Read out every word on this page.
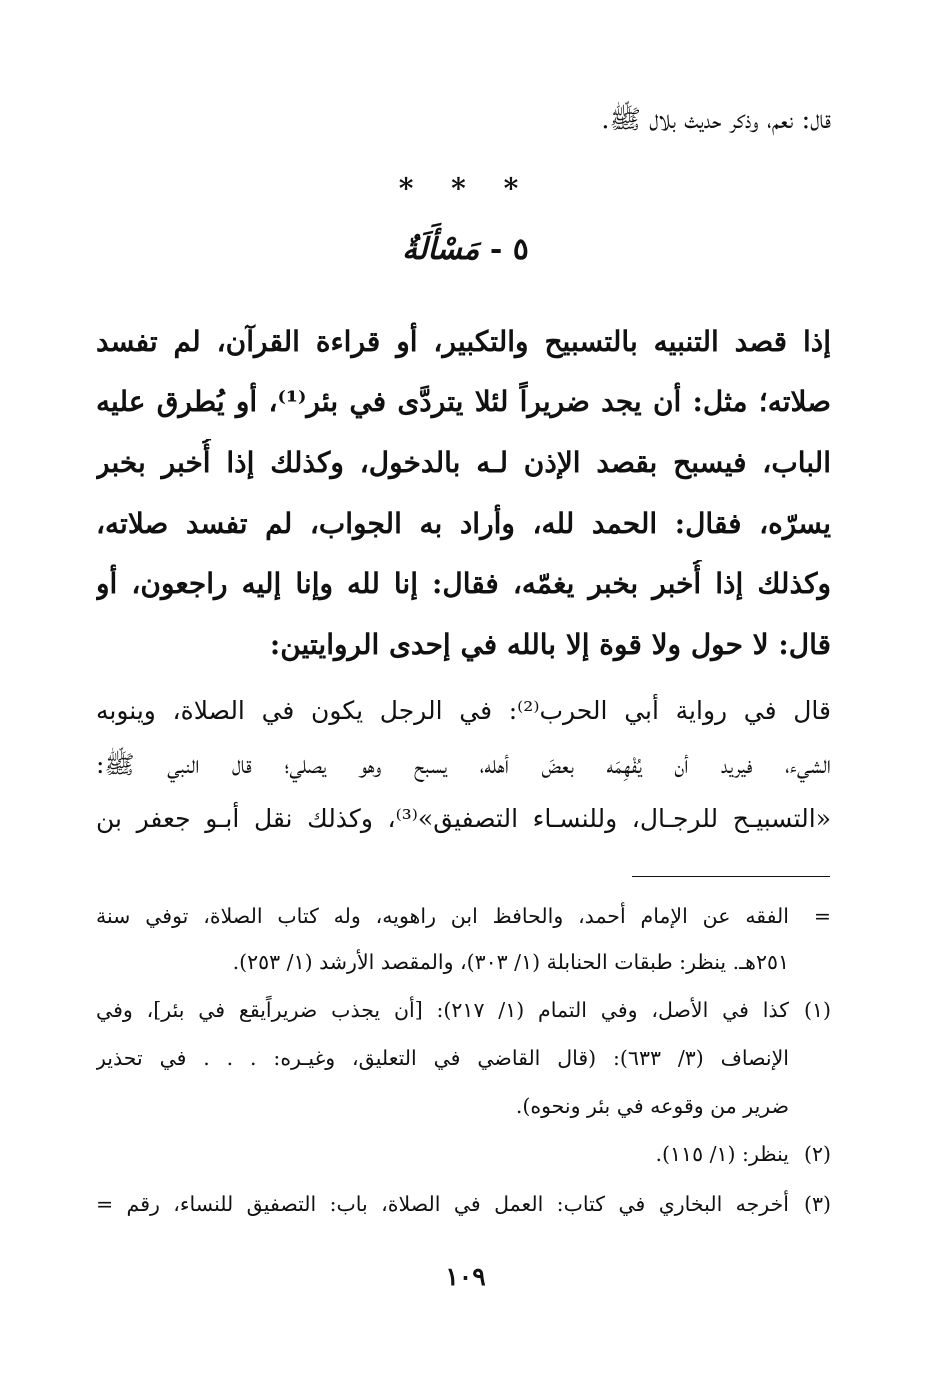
قال: نعم، وذكر حديث بلال ﷺ.
* * *
٥ - مَسْأَلَةٌ
إذا قصد التنبيه بالتسبيح والتكبير، أو قراءة القرآن، لم تفسد
صلاته؛ مثل: أن يجد ضريراً لئلا يتردَّى في بئر⁽¹⁾، أو يُطرق عليه
الباب، فيسبح بقصد الإذن لـه بالدخول، وكذلك إذا أُخبر بخبر
يسرّه، فقال: الحمد لله، وأراد به الجواب، لم تفسد صلاته،
وكذلك إذا أُخبر بخبر يغمّه، فقال: إنا لله وإنا إليه راجعون، أو
قال: لا حول ولا قوة إلا بالله في إحدى الروايتين:
قال في رواية أبي الحرب⁽²⁾: في الرجل يكون في الصلاة، وينوبه
الشيء، فيريد أن يُفْهِمَه بعضَ أهله، يسبح وهو يصلي؛ قال النبي ﷺ:
«التسبيـح للرجـال، وللنسـاء التصفيق»⁽³⁾، وكذلك نقل أبـو جعفر بن
=
الفقه عن الإمام أحمد، والحافظ ابن راهويه، وله كتاب الصلاة، توفي سنة
٢٥١هـ. ينظر: طبقات الحنابلة (١/ ٣٠٣)، والمقصد الأرشد (١/ ٢٥٣).
(١)
كذا في الأصل، وفي التمام (١/ ٢١٧): [أن يجذب ضريراًيقع في بئر]، وفي
الإنصاف (٣/ ٦٣٣): (قال القاضي في التعليق، وغيـره: . . . في تحذير
ضرير من وقوعه في بئر ونحوه).
(٢)
ينظر: (١/ ١١٥).
(٣)
أخرجه البخاري في كتاب: العمل في الصلاة، باب: التصفيق للنساء، رقم =
١٠٩
